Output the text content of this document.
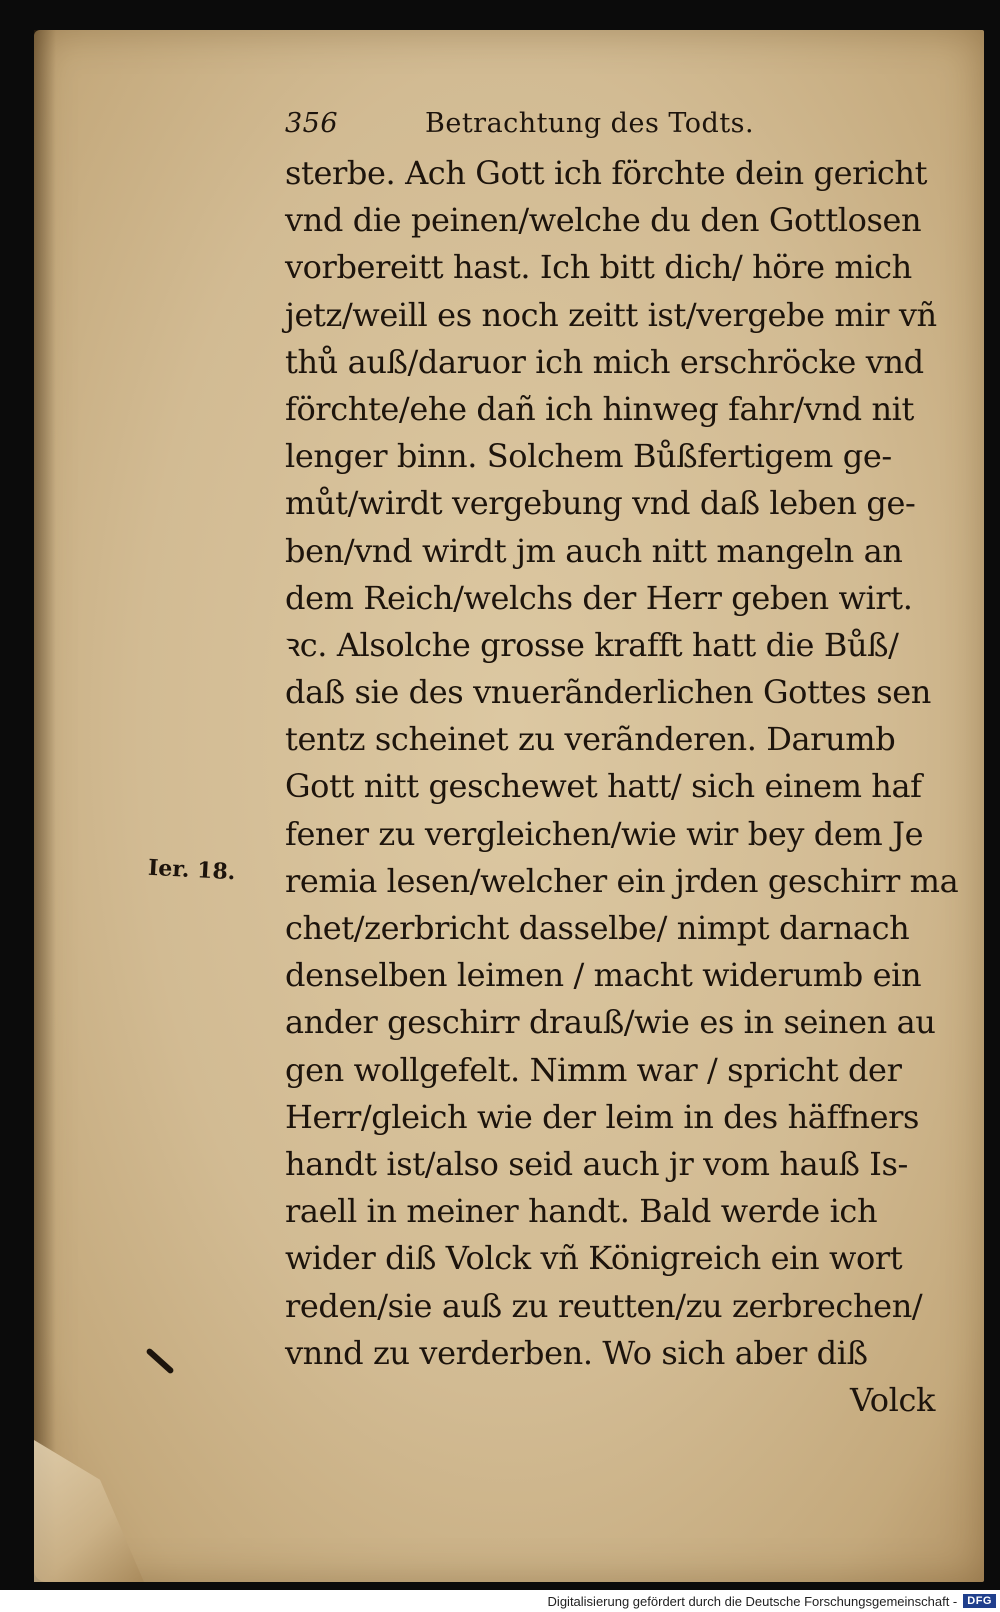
356	Betrachtung des Todts.
sterbe. Ach Gott ich förchte dein gericht
vnd die peinen/welche du den Gottlosen
vorbereitt hast. Ich bitt dich/ höre mich
jetz/weill es noch zeitt ist/vergebe mir vñ
thů auß/daruor ich mich erschröcke vnd
förchte/ehe dañ ich hinweg fahr/vnd nit
lenger binn. Solchem Bůßfertigem ge-
můt/wirdt vergebung vnd daß leben ge-
ben/vnd wirdt jm auch nitt mangeln an
dem Reich/welchs der Herr geben wirt.
ꝛc. Alsolche grosse krafft hatt die Bůß/
daß sie des vnuerãnderlichen Gottes sen
tentz scheinet zu verãnderen. Darumb
Gott nitt geschewet hatt/ sich einem haf
fener zu vergleichen/wie wir bey dem Je
remia lesen/welcher ein jrden geschirr ma
chet/zerbricht dasselbe/ nimpt darnach
denselben leimen / macht widerumb ein
ander geschirr drauß/wie es in seinen au
gen wollgefelt. Nimm war / spricht der
Herr/gleich wie der leim in des häffners
handt ist/also seid auch jr vom hauß Is-
raell in meiner handt. Bald werde ich
wider diß Volck vñ Königreich ein wort
reden/sie auß zu reutten/zu zerbrechen/
vnnd zu verderben. Wo sich aber diß
Volck
Ier. 18.
Digitalisierung gefördert durch die Deutsche Forschungsgemeinschaft - DFG
